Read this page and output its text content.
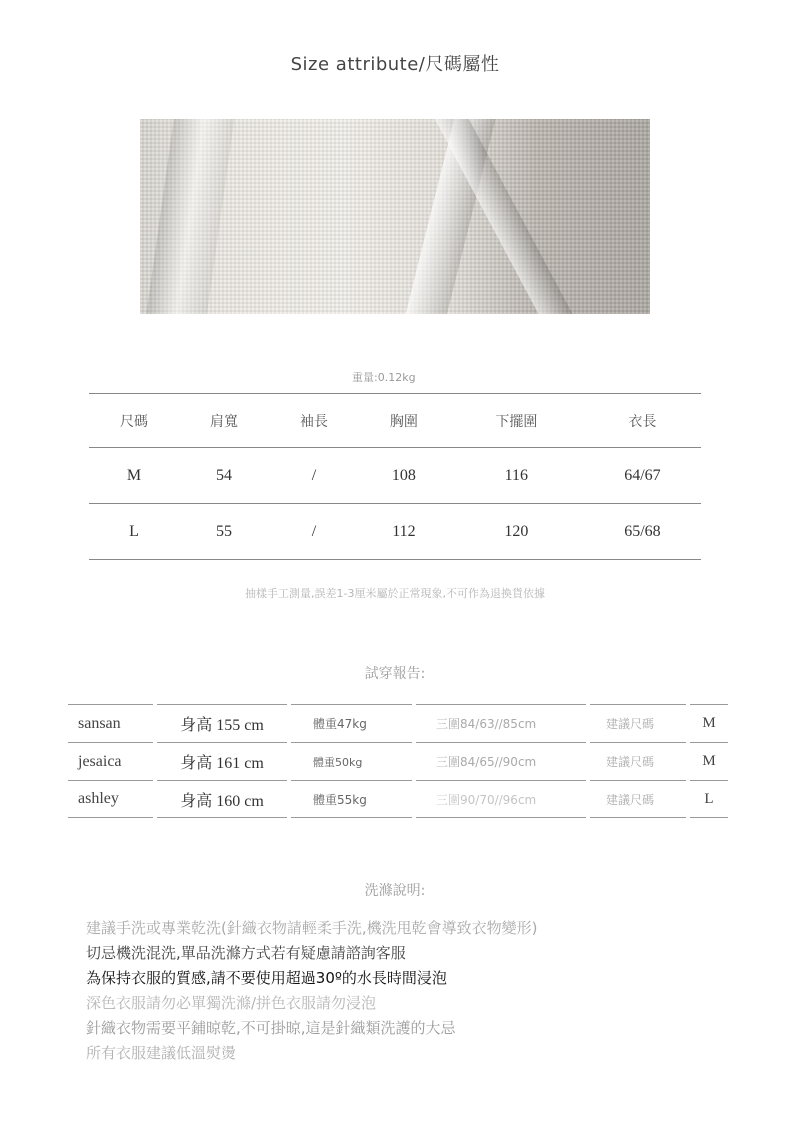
Size attribute/尺碼屬性
重量:0.12kg
尺碼	肩寬	袖長	胸圍	下擺圍	衣長
M	54	/	108	116	64/67
L	55	/	112	120	65/68
抽樣手工測量,誤差1-3厘米屬於正常現象,不可作為退換貨依據
試穿報告:
sansan	身高 155 cm	體重47kg	三圍84/63//85cm	建議尺碼	M
jesaica	身高 161 cm	體重50kg	三圍84/65//90cm	建議尺碼	M
ashley	身高 160 cm	體重55kg	三圍90/70//96cm	建議尺碼	L
洗滌說明:
建議手洗或專業乾洗(針織衣物請輕柔手洗,機洗甩乾會導致衣物變形)
切忌機洗混洗,單品洗滌方式若有疑慮請諮詢客服
為保持衣服的質感,請不要使用超過30º的水長時間浸泡
深色衣服請勿必單獨洗滌/拼色衣服請勿浸泡
針織衣物需要平鋪晾乾,不可掛晾,這是針織類洗護的大忌
所有衣服建議低溫熨燙
